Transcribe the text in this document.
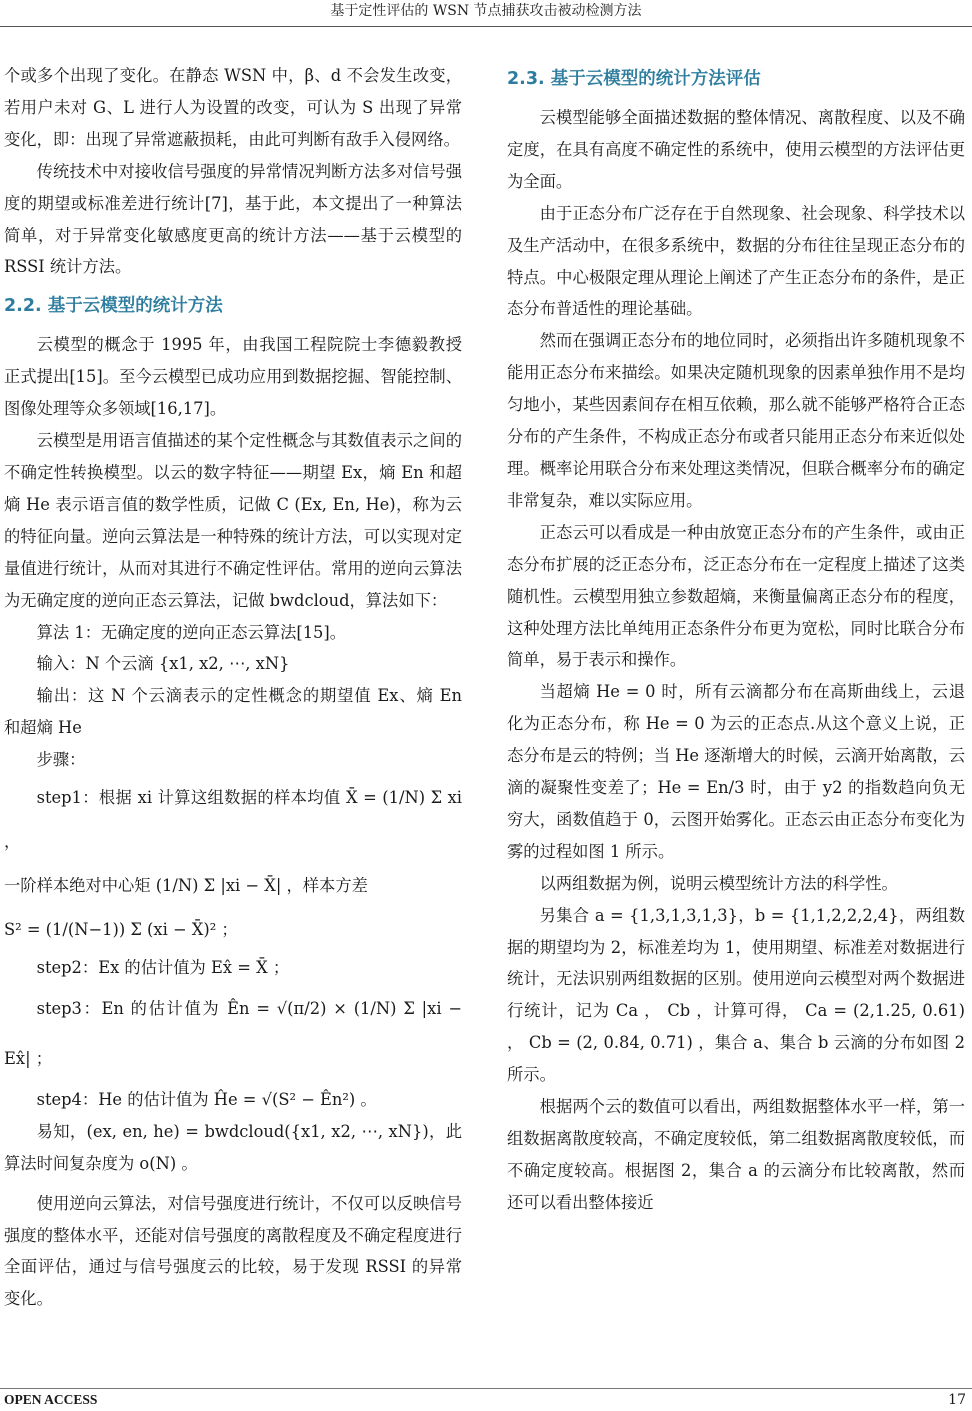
基于定性评估的 WSN 节点捕获攻击被动检测方法

个或多个出现了变化。在静态 WSN 中，β、d 不会发生改变，若用户未对 G、L 进行人为设置的改变，可认为 S 出现了异常变化，即：出现了异常遮蔽损耗，由此可判断有敌手入侵网络。

传统技术中对接收信号强度的异常情况判断方法多对信号强度的期望或标准差进行统计[7]，基于此，本文提出了一种算法简单，对于异常变化敏感度更高的统计方法——基于云模型的 RSSI 统计方法。

2.2. 基于云模型的统计方法

云模型的概念于 1995 年，由我国工程院院士李德毅教授正式提出[15]。至今云模型已成功应用到数据挖掘、智能控制、图像处理等众多领域[16,17]。

云模型是用语言值描述的某个定性概念与其数值表示之间的不确定性转换模型。以云的数字特征——期望 Ex，熵 En 和超熵 He 表示语言值的数学性质，记做 C (Ex, En, He)，称为云的特征向量。逆向云算法是一种特殊的统计方法，可以实现对定量值进行统计，从而对其进行不确定性评估。常用的逆向云算法为无确定度的逆向正态云算法，记做 bwdcloud，算法如下：

算法 1：无确定度的逆向正态云算法[15]。

输入：N 个云滴 {x1, x2, ⋯, xN}

输出：这 N 个云滴表示的定性概念的期望值 Ex、熵 En 和超熵 He

步骤：

step1：根据 xi 计算这组数据的样本均值 X̄ = (1/N) Σ xi ，

一阶样本绝对中心矩 (1/N) Σ |xi − X̄| ，样本方差

S² = (1/(N−1)) Σ (xi − X̄)² ；

step2：Ex 的估计值为 Ex̂ = X̄ ；

step3：En 的估计值为 Ên = √(π/2) × (1/N) Σ |xi − Ex̂| ；

step4：He 的估计值为 Ĥe = √(S² − Ên²) 。

易知，(ex, en, he) = bwdcloud({x1, x2, ⋯, xN})，此算法时间复杂度为 o(N) 。

使用逆向云算法，对信号强度进行统计，不仅可以反映信号强度的整体水平，还能对信号强度的离散程度及不确定程度进行全面评估，通过与信号强度云的比较，易于发现 RSSI 的异常变化。

2.3. 基于云模型的统计方法评估

云模型能够全面描述数据的整体情况、离散程度、以及不确定度，在具有高度不确定性的系统中，使用云模型的方法评估更为全面。

由于正态分布广泛存在于自然现象、社会现象、科学技术以及生产活动中，在很多系统中，数据的分布往往呈现正态分布的特点。中心极限定理从理论上阐述了产生正态分布的条件，是正态分布普适性的理论基础。

然而在强调正态分布的地位同时，必须指出许多随机现象不能用正态分布来描绘。如果决定随机现象的因素单独作用不是均匀地小，某些因素间存在相互依赖，那么就不能够严格符合正态分布的产生条件，不构成正态分布或者只能用正态分布来近似处理。概率论用联合分布来处理这类情况，但联合概率分布的确定非常复杂，难以实际应用。

正态云可以看成是一种由放宽正态分布的产生条件，或由正态分布扩展的泛正态分布，泛正态分布在一定程度上描述了这类随机性。云模型用独立参数超熵，来衡量偏离正态分布的程度，这种处理方法比单纯用正态条件分布更为宽松，同时比联合分布简单，易于表示和操作。

当超熵 He = 0 时，所有云滴都分布在高斯曲线上，云退化为正态分布，称 He = 0 为云的正态点.从这个意义上说，正态分布是云的特例；当 He 逐渐增大的时候，云滴开始离散，云滴的凝聚性变差了；He = En/3 时，由于 y2 的指数趋向负无穷大，函数值趋于 0，云图开始雾化。正态云由正态分布变化为雾的过程如图 1 所示。

以两组数据为例，说明云模型统计方法的科学性。

另集合 a = {1,3,1,3,1,3}，b = {1,1,2,2,2,4}，两组数据的期望均为 2，标准差均为 1，使用期望、标准差对数据进行统计，无法识别两组数据的区别。使用逆向云模型对两个数据进行统计，记为 Ca ， Cb ，计算可得， Ca = (2,1.25, 0.61) ， Cb = (2, 0.84, 0.71) ，集合 a、集合 b 云滴的分布如图 2 所示。

根据两个云的数值可以看出，两组数据整体水平一样，第一组数据离散度较高，不确定度较低，第二组数据离散度较低，而不确定度较高。根据图 2，集合 a 的云滴分布比较离散，然而还可以看出整体接近

OPEN ACCESS	17
